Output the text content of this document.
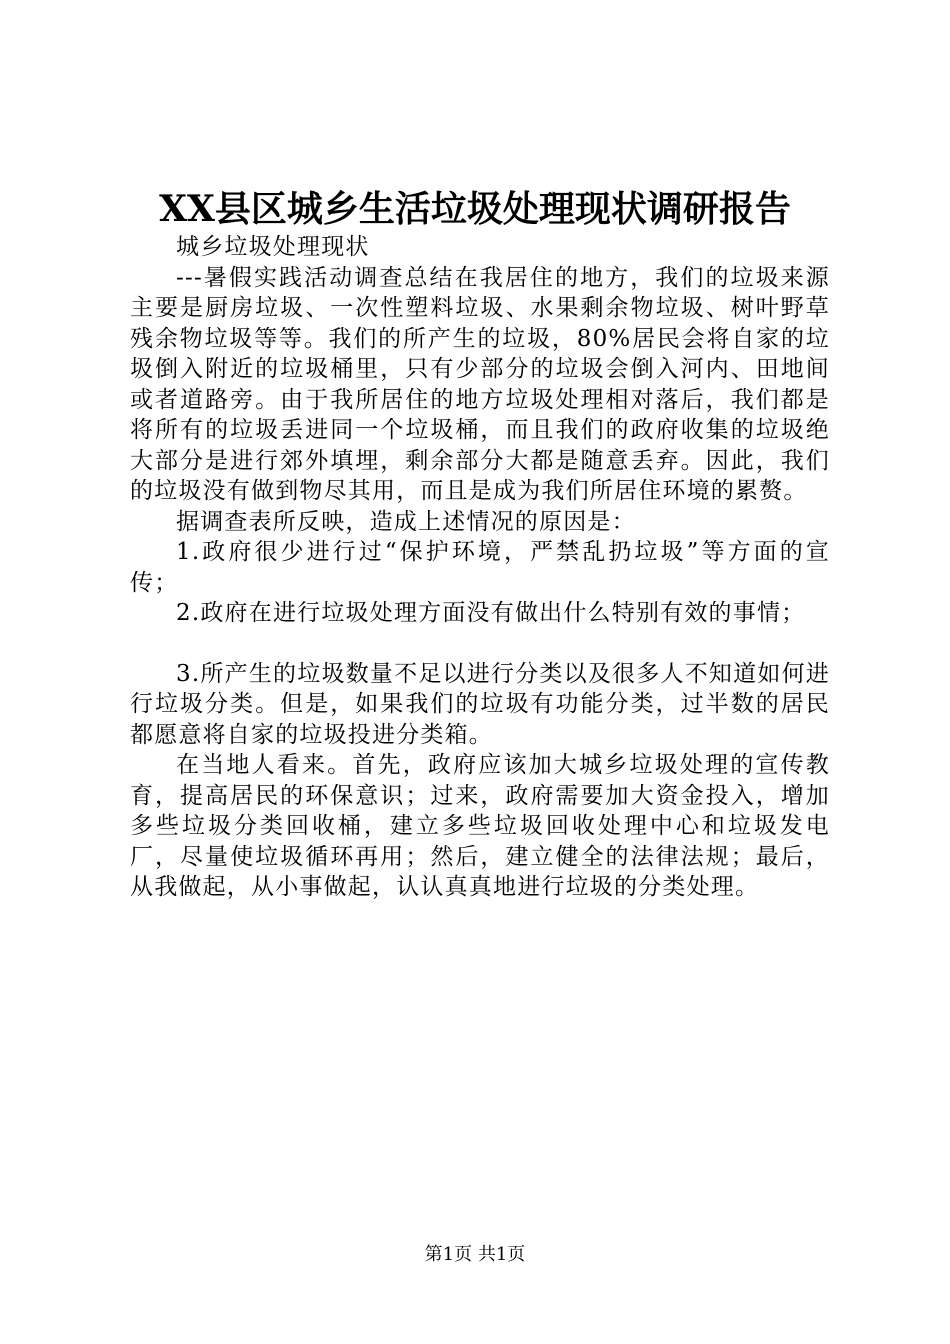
XX县区城乡生活垃圾处理现状调研报告

城乡垃圾处理现状

---暑假实践活动调查总结在我居住的地方，我们的垃圾来源主要是厨房垃圾、一次性塑料垃圾、水果剩余物垃圾、树叶野草残余物垃圾等等。我们的所产生的垃圾，80%居民会将自家的垃圾倒入附近的垃圾桶里，只有少部分的垃圾会倒入河内、田地间或者道路旁。由于我所居住的地方垃圾处理相对落后，我们都是将所有的垃圾丢进同一个垃圾桶，而且我们的政府收集的垃圾绝大部分是进行郊外填埋，剩余部分大都是随意丢弃。因此，我们的垃圾没有做到物尽其用，而且是成为我们所居住环境的累赘。

据调查表所反映，造成上述情况的原因是：

1.政府很少进行过“保护环境，严禁乱扔垃圾”等方面的宣传；

2.政府在进行垃圾处理方面没有做出什么特别有效的事情；

3.所产生的垃圾数量不足以进行分类以及很多人不知道如何进行垃圾分类。但是，如果我们的垃圾有功能分类，过半数的居民都愿意将自家的垃圾投进分类箱。

在当地人看来。首先，政府应该加大城乡垃圾处理的宣传教育，提高居民的环保意识；过来，政府需要加大资金投入，增加多些垃圾分类回收桶，建立多些垃圾回收处理中心和垃圾发电厂，尽量使垃圾循环再用；然后，建立健全的法律法规；最后，从我做起，从小事做起，认认真真地进行垃圾的分类处理。

第1页 共1页
